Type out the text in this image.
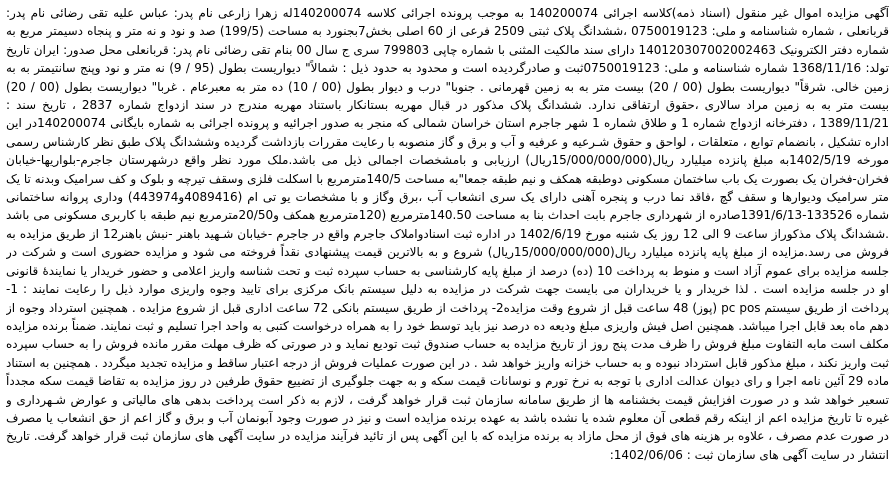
آگهی مزایده اموال غیر منقول (اسناد ذمه)کلاسه اجرائی 140200074 به موجب پرونده اجرائی کلاسه 140200074له زهرا زارعی نام پدر: عباس علیه تقی رضائی نام پدر: قربانعلی ، شماره شناسنامه و ملی: 0750019123 ،ششدانگ پلاک ثبتی 2509 فرعی از 60 اصلی بخش7بجنورد به مساحت (199/5) صد و نود و نه متر و پنجاه دسیمتر مربع به شماره دفتر الکترونیک 140120307002002463 دارای سند مالکیت المثنی با شماره چاپی 799803 سری ج سال 00 بنام تقی رضائی نام پدر: قربانعلی محل صدور: ایران تاریخ تولد: 1368/11/16 شماره شناسنامه و ملی: 0750019123ثبت و صادرگردیده است و محدود به حدود ذیل : شمالاً" دیواریست بطول (95 / 9) نه متر و نود وپنج سانتیمتر به به زمین خالی. شرقاً" دیواریست بطول (00 / 20) بیست متر به به زمین قهرمانی . جنوبا" درب و دیوار بطول (00 / 10) ده متر به معبرعام . غربا" دیواریست بطول (00 / 20) بیست متر به به زمین مراد سالاری ،حقوق ارتفاقی ندارد. ششدانگ پلاک مذکور در قبال مهریه بستانکار باستناد مهریه مندرج در سند ازدواج شماره 2837 ، تاریخ سند : 1389/11/21 ، دفترخانه ازدواج شماره 1 و طلاق شماره 1 شهر جاجرم استان خراسان شمالی که منجر به صدور اجرائیه و پرونده اجرائی به شماره بایگانی 140200074در این اداره تشکیل ، بانضمام توابع ، متعلقات ، لواحق و حقوق شـرعیه و عرفیه و آب و برق و گاز منصوبه با رعایت مقررات بازداشت گردیده وششدانگ پلاک طبق نظر کارشناس رسمی مورخه 1402/5/19به مبلغ پانزده میلیارد ریال(15/000/000/000ریال) ارزیابی و بامشخصات اجمالی ذیل می باشد.ملک مورد نظر واقع درشهرستان جاجرم-بلواریها-خیابان فخران-فخران یک بصورت یک باب ساختمان مسکونی دوطبقه همکف و نیم طبقه جمعا"به مساحت 140/5مترمربع با اسکلت فلزی وسقف تیرچه و بلوک و کف سرامیک وبدنه تا یک متر سرامیک ودیوارها و سقف گچ ،فاقد نما درب و پنجره آهنی دارای یک سری انشعاب آب ،برق وگاز و با مشخصات یو تی ام (4089416و443974) وداری پروانه ساختمانی شماره 133526-1391/6/13صادره از شهرداری جاجرم بابت احداث بنا به مساحت 140.50مترمربع (120مترمربع همکف و20/50مترمربع نیم طبقه با کاربری مسکونی می باشد .ششدانگ پلاک مذکوراز ساعت 9 الی 12 روز یک شنبه مورخ 1402/6/19 در اداره ثبت اسنادواملاک جاجرم واقع در جاجرم -خیابان شـهید باهنر -نبش باهنر12 از طریق مزایده به فروش می رسد.مزایده از مبلغ پایه پانزده میلیارد ریال(15/000/000/000ریال) شروع و به بالاترین قیمت پیشنهادی نقداً فروخته می شود و مزایده حضوری است و شرکت در جلسه مزایده برای عموم آزاد است و منوط به پرداخت 10 (ده) درصد از مبلغ پایه کارشناسی به حساب سپرده ثبت و تحت شناسه واریز اعلامی و حضور خریدار یا نمایندۀ قانونی او در جلسه مزایده است . لذا خریدار و یا خریداران می بایست جهت شرکت در مزایده به دلیل سیستم بانک مرکزی برای تایید وجوه واریزی موارد ذیل را رعایت نمایند : 1- پرداخت از طریق سیستم pc pos (پوز) 48 ساعت قبل از شروع وقت مزایده2- پرداخت از طریق سیستم بانکی 72 ساعت اداری قبل از شروع مزایده . همچنین استرداد وجوه از دهم ماه بعد قابل اجرا میباشد. همچنین اصل فیش واریزی مبلغ ودیعه ده درصد نیز باید توسط خود را به همراه درخواست کتبی به واحد اجرا تسلیم و ثبت نمایند. ضمناً برنده مزایده مکلف است مابه التفاوت مبلغ فروش را ظرف مدت پنج روز از تاریخ مزایده به حساب صندوق ثبت تودیع نماید و در صورتی که ظرف مهلت مقرر مانده فروش را به حساب سپرده ثبت واریز نکند ، مبلغ مذکور قابل استرداد نبوده و به حساب خزانه واریز خواهد شد . در این صورت عملیات فروش از درجه اعتبار ساقط و مزایده تجدید میگردد . همچنین به استناد ماده 29 آئین نامه اجرا و رای دیوان عدالت اداری با توجه به نرخ تورم و نوسانات قیمت سکه و به جهت جلوگیری از تضییع حقوق طرفین در روز مزایده به تقاضا قیمت سکه مجدداً تسعیر خواهد شد و در صورت افزایش قیمت بخشنامه ها از طریق سامانه سازمان ثبت قرار خواهد گرفت ، لازم به ذکر است پرداخت بدهی های مالیاتی و عوارض شـهرداری و غیره تا تاریخ مزایده اعم از اینکه رقم قطعی آن معلوم شده یا نشده باشد به عهده برنده مزایده است و نیز در صورت وجود آبونمان آب و برق و گاز اعم از حق انشعاب یا مصرف در صورت عدم مصرف ، علاوه بر هزینه های فوق از محل مازاد به برنده مزایده که با این آگهی پس از تائید فرآیند مزایده در سایت آگهی های سازمان ثبت قرار خواهد گرفت. تاریخ انتشار در سایت آگهی های سازمان ثبت : 1402/06/06:
